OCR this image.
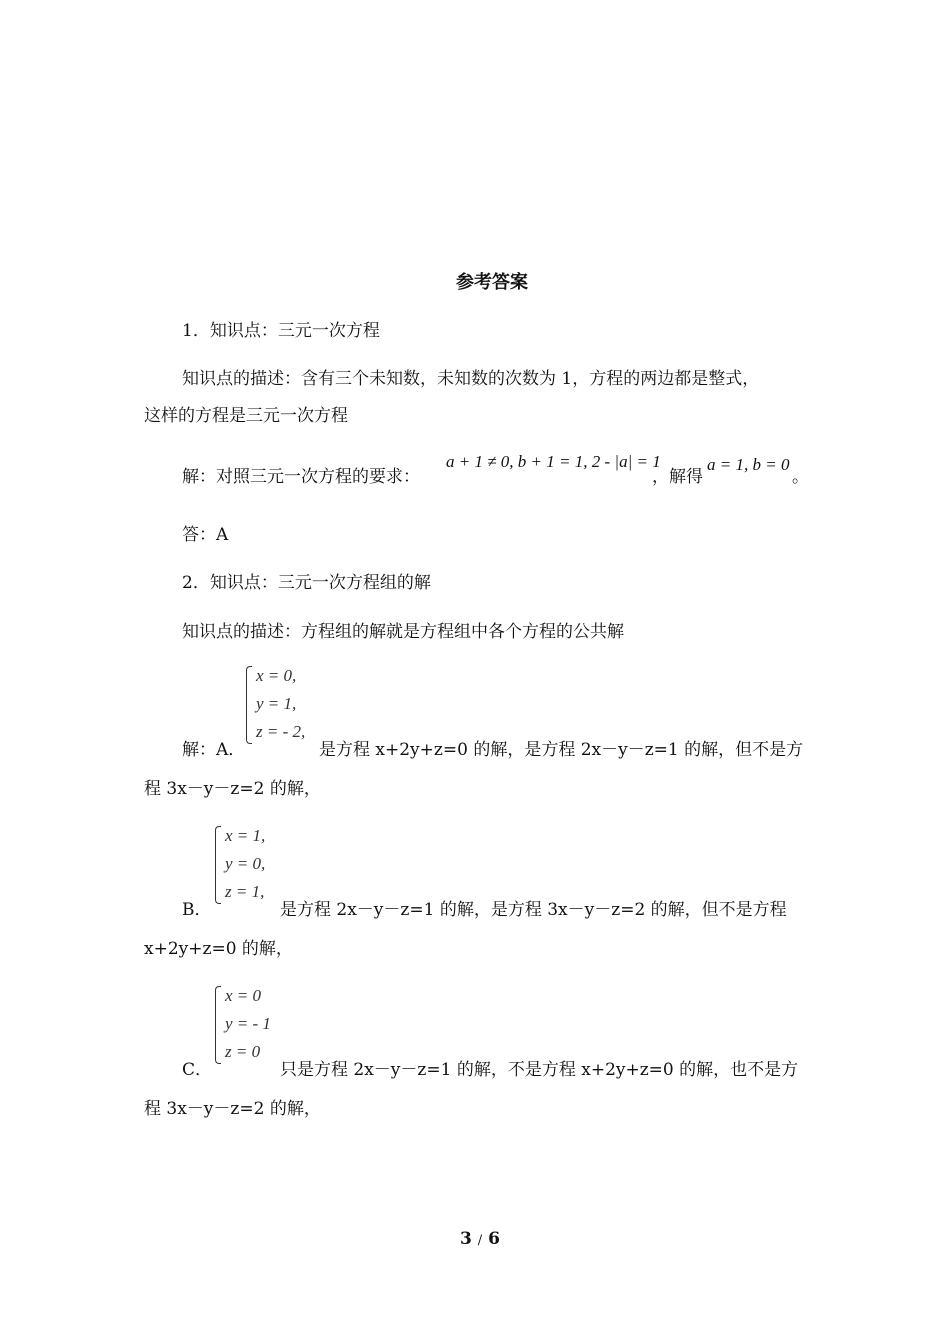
参考答案
1．知识点：三元一次方程
知识点的描述：含有三个未知数，未知数的次数为 1，方程的两边都是整式，
这样的方程是三元一次方程
解：对照三元一次方程的要求：
a + 1 ≠ 0, b + 1 = 1, 2 - |a| = 1
，解得
a = 1, b = 0
。
答：A
2．知识点：三元一次方程组的解
知识点的描述：方程组的解就是方程组中各个方程的公共解
x = 0,
y = 1,
z = - 2,
解：A．	是方程 x+2y+z=0 的解，是方程 2x－y－z=1 的解，但不是方
程 3x－y－z=2 的解，
x = 1,
y = 0,
z = 1,
B．	是方程 2x－y－z=1 的解，是方程 3x－y－z=2 的解，但不是方程
x+2y+z=0 的解，
x = 0
y = - 1
z = 0
C．	只是方程 2x－y－z=1 的解，不是方程 x+2y+z=0 的解，也不是方
程 3x－y－z=2 的解，
3 / 6
